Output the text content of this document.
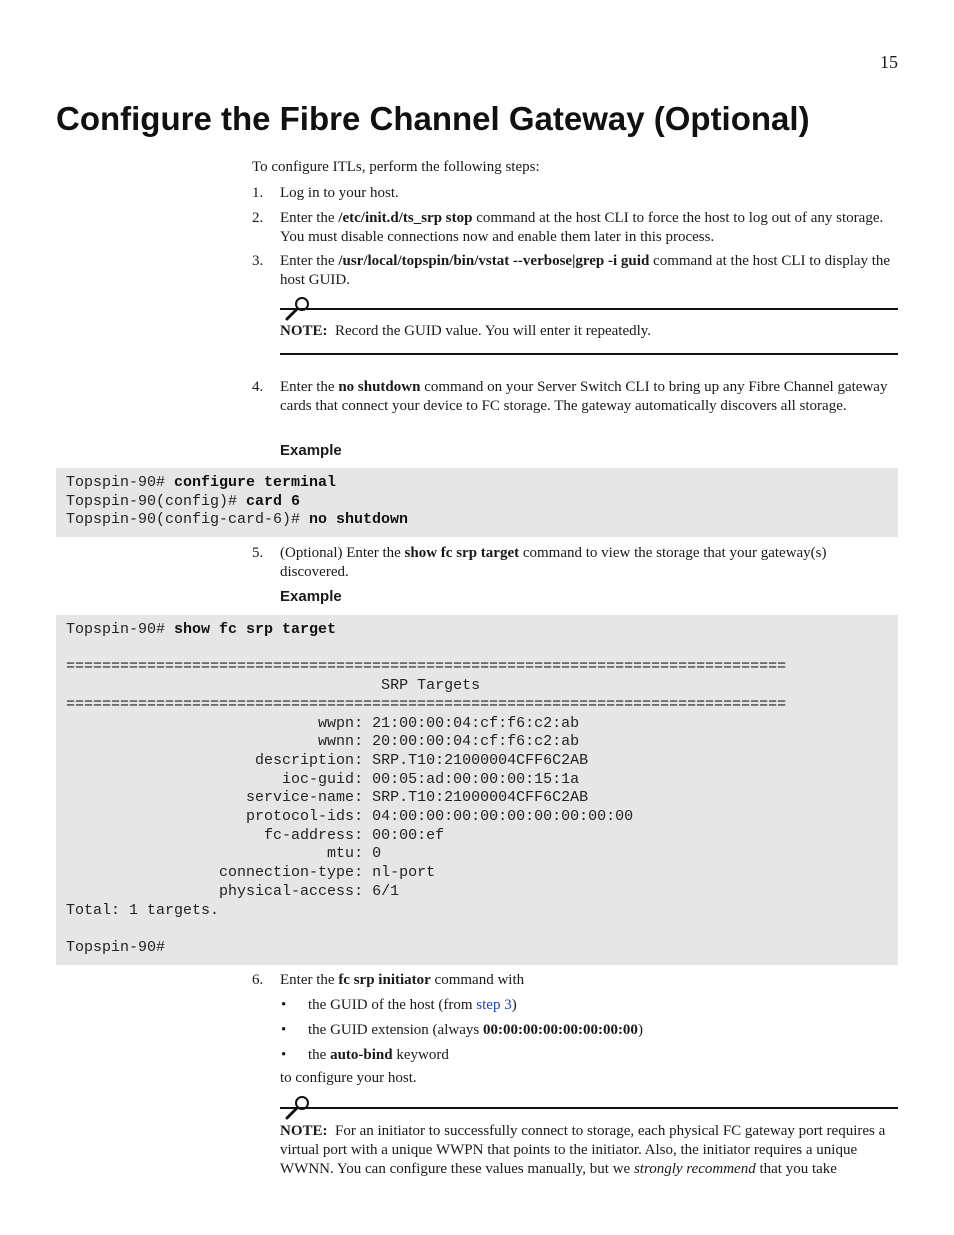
15
Configure the Fibre Channel Gateway (Optional)
To configure ITLs, perform the following steps:
1.	Log in to your host.
2.	Enter the /etc/init.d/ts_srp stop command at the host CLI to force the host to log out of any storage. You must disable connections now and enable them later in this process.
3.	Enter the /usr/local/topspin/bin/vstat --verbose|grep -i guid command at the host CLI to display the host GUID.
NOTE: Record the GUID value. You will enter it repeatedly.
4.	Enter the no shutdown command on your Server Switch CLI to bring up any Fibre Channel gateway cards that connect your device to FC storage. The gateway automatically discovers all storage.
Example
Topspin-90# configure terminal
Topspin-90(config)# card 6
Topspin-90(config-card-6)# no shutdown
5.	(Optional) Enter the show fc srp target command to view the storage that your gateway(s) discovered.
Example
Topspin-90# show fc srp target

================================================================================
SRP Targets
================================================================================
wwpn: 21:00:00:04:cf:f6:c2:ab
wwnn: 20:00:00:04:cf:f6:c2:ab
description: SRP.T10:21000004CFF6C2AB
ioc-guid: 00:05:ad:00:00:00:15:1a
service-name: SRP.T10:21000004CFF6C2AB
protocol-ids: 04:00:00:00:00:00:00:00:00:00
fc-address: 00:00:ef
mtu: 0
connection-type: nl-port
physical-access: 6/1
Total: 1 targets.

Topspin-90#
6.	Enter the fc srp initiator command with
• the GUID of the host (from step 3)
• the GUID extension (always 00:00:00:00:00:00:00:00)
• the auto-bind keyword
to configure your host.
NOTE: For an initiator to successfully connect to storage, each physical FC gateway port requires a virtual port with a unique WWPN that points to the initiator. Also, the initiator requires a unique WWNN. You can configure these values manually, but we strongly recommend that you take
